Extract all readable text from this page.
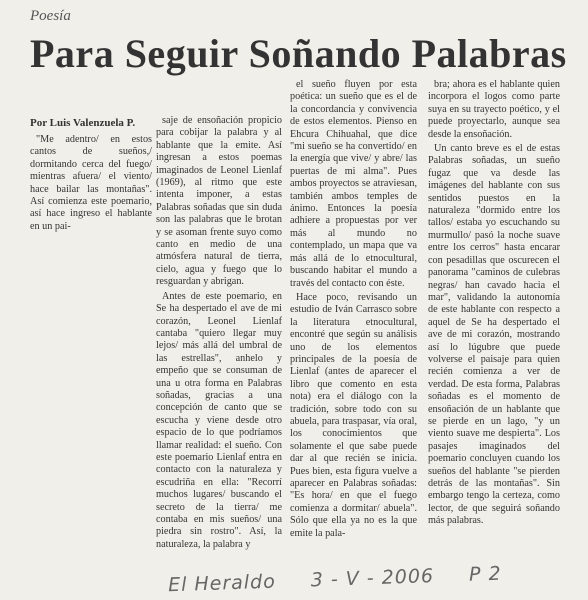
Poesía
Para Seguir Soñando Palabras
Por Luis Valenzuela P.

"Me adentro/ en estos cantos de sueños,/ dormitando cerca del fuego/ mientras afuera/ el viento/ hace bailar las montañas". Así comienza este poemario, así hace ingreso el hablante en un pai-

saje de ensoñación propicio para cobijar la palabra y al hablante que la emite. Así ingresan a estos poemas imaginados de Leonel Lienlaf (1969), al ritmo que este intenta imponer, a estas Palabras soñadas que sin duda son las palabras que le brotan y se asoman frente suyo como canto en medio de una atmósfera natural de tierra, cielo, agua y fuego que lo resguardan y abrigan.

Antes de este poemario, en Se ha despertado el ave de mi corazón, Leonel Lienlaf cantaba "quiero llegar muy lejos/ más allá del umbral de las estrellas", anhelo y empeño que se consuman de una u otra forma en Palabras soñadas, gracias a una concepción de canto que se escucha y viene desde otro espacio de lo que podríamos llamar realidad: el sueño. Con este poemario Lienlaf entra en contacto con la naturaleza y escudriña en ella: "Recorrí muchos lugares/ buscando el secreto de la tierra/ me contaba en mis sueños/ una piedra sin rostro". Así, la naturaleza, la palabra y

el sueño fluyen por esta poética: un sueño que es el de la concordancia y convivencia de estos elementos. Pienso en Ehcura Chihuahal, que dice "mi sueño se ha convertido/ en la energía que vive/ y abre/ las puertas de mi alma". Pues ambos proyectos se atraviesan, también ambos temples de ánimo. Entonces la poesía adhiere a propuestas por ver más al mundo no contemplado, un mapa que va más allá de lo etnocultural, buscando habitar el mundo a través del contacto con éste.

Hace poco, revisando un estudio de Iván Carrasco sobre la literatura etnocultural, encontré que según su análisis uno de los elementos principales de la poesía de Lienlaf (antes de aparecer el libro que comento en esta nota) era el diálogo con la tradición, sobre todo con su abuela, para traspasar, vía oral, los conocimientos que solamente el que sabe puede dar al que recién se inicia. Pues bien, esta figura vuelve a aparecer en Palabras soñadas: "Es hora/ en que el fuego comienza a dormitar/ abuela". Sólo que ella ya no es la que emite la pala-

bra; ahora es el hablante quien incorpora el logos como parte suya en su trayecto poético, y el puede proyectarlo, aunque sea desde la ensoñación.

Un canto breve es el de estas Palabras soñadas, un sueño fugaz que va desde las imágenes del hablante con sus sentidos puestos en la naturaleza "dormido entre los tallos/ estaba yo escuchando su murmullo/ pasó la noche suave entre los cerros" hasta encarar con pesadillas que oscurecen el panorama "caminos de culebras negras/ han cavado hacia el mar", validando la autonomía de este hablante con respecto a aquel de Se ha despertado el ave de mi corazón, mostrando así lo lúgubre que puede volverse el paisaje para quien recién comienza a ver de verdad. De esta forma, Palabras soñadas es el momento de ensoñación de un hablante que se pierde en un lago, "y un viento suave me despierta". Los pasajes imaginados del poemario concluyen cuando los sueños del hablante "se pierden detrás de las montañas". Sin embargo tengo la certeza, como lector, de que seguirá soñando más palabras.

El Heraldo 3 - V - 2006 P 2
